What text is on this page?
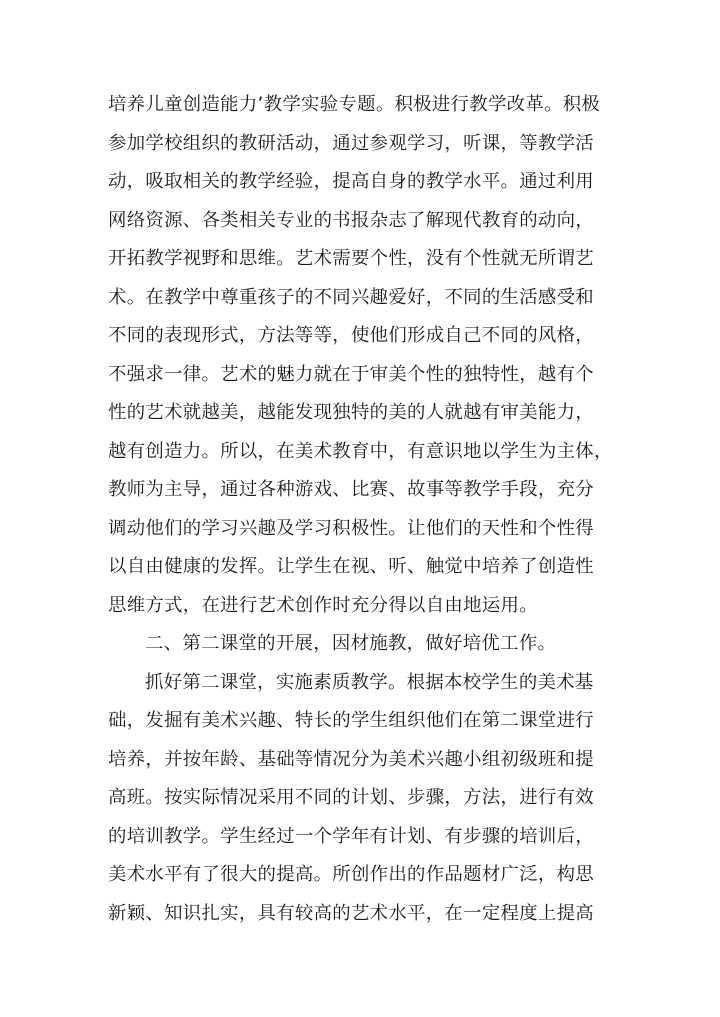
培养儿童创造能力’教学实验专题。积极进行教学改革。积极
参加学校组织的教研活动，通过参观学习，听课，等教学活
动，吸取相关的教学经验，提高自身的教学水平。通过利用
网络资源、各类相关专业的书报杂志了解现代教育的动向，
开拓教学视野和思维。艺术需要个性，没有个性就无所谓艺
术。在教学中尊重孩子的不同兴趣爱好，不同的生活感受和
不同的表现形式，方法等等，使他们形成自己不同的风格，
不强求一律。艺术的魅力就在于审美个性的独特性，越有个
性的艺术就越美，越能发现独特的美的人就越有审美能力，
越有创造力。所以，在美术教育中，有意识地以学生为主体，
教师为主导，通过各种游戏、比赛、故事等教学手段，充分
调动他们的学习兴趣及学习积极性。让他们的天性和个性得
以自由健康的发挥。让学生在视、听、触觉中培养了创造性
思维方式，在进行艺术创作时充分得以自由地运用。
二、第二课堂的开展，因材施教，做好培优工作。
抓好第二课堂，实施素质教学。根据本校学生的美术基
础，发掘有美术兴趣、特长的学生组织他们在第二课堂进行
培养，并按年龄、基础等情况分为美术兴趣小组初级班和提
高班。按实际情况采用不同的计划、步骤，方法，进行有效
的培训教学。学生经过一个学年有计划、有步骤的培训后，
美术水平有了很大的提高。所创作出的作品题材广泛，构思
新颖、知识扎实，具有较高的艺术水平，在一定程度上提高
